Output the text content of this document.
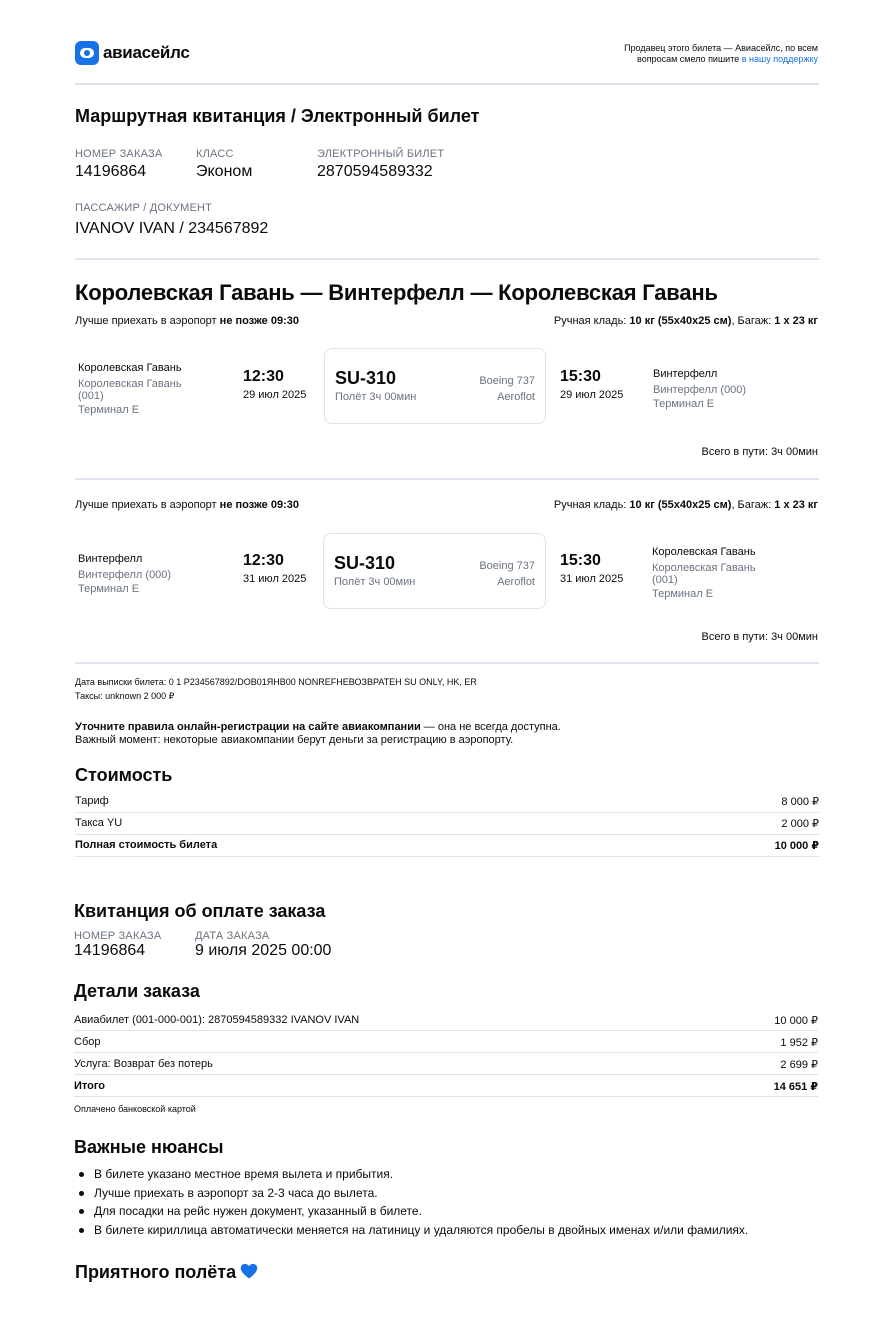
авиасейлс	Продавец этого билета — Авиасейлс, по всем
вопросам смело пишите в нашу поддержку
Маршрутная квитанция / Электронный билет
НОМЕР ЗАКАЗА
14196864
КЛАСС
Эконом
ЭЛЕКТРОННЫЙ БИЛЕТ
2870594589332
ПАССАЖИР / ДОКУМЕНТ
IVANOV IVAN / 234567892
Королевская Гавань — Винтерфелл — Королевская Гавань
Лучше приехать в аэропорт не позже 09:30	Ручная кладь: 10 кг (55x40x25 см), Багаж: 1 x 23 кг
Королевская Гавань
Королевская Гавань
(001)
Терминал E
12:30
29 июл 2025
SU-310
Полёт 3ч 00мин
Boeing 737
Aeroflot
15:30
29 июл 2025
Винтерфелл
Винтерфелл (000)
Терминал E
Всего в пути: 3ч 00мин
Лучше приехать в аэропорт не позже 09:30	Ручная кладь: 10 кг (55x40x25 см), Багаж: 1 x 23 кг
Винтерфелл
Винтерфелл (000)
Терминал E
12:30
31 июл 2025
SU-310
Полёт 3ч 00мин
Boeing 737
Aeroflot
15:30
31 июл 2025
Королевская Гавань
Королевская Гавань
(001)
Терминал E
Всего в пути: 3ч 00мин
Дата выписки билета: 0 1 P234567892/DOB01ЯНВ00 NONREFНЕВОЗВРАТЕН SU ONLY, HK, ER
Таксы: unknown 2 000 ₽
Уточните правила онлайн-регистрации на сайте авиакомпании — она не всегда доступна.
Важный момент: некоторые авиакомпании берут деньги за регистрацию в аэропорту.
Стоимость
Тариф	8 000 ₽
Такса YU	2 000 ₽
Полная стоимость билета	10 000 ₽
Квитанция об оплате заказа
НОМЕР ЗАКАЗА
14196864
ДАТА ЗАКАЗА
9 июля 2025 00:00
Детали заказа
Авиабилет (001-000-001): 2870594589332 IVANOV IVAN	10 000 ₽
Сбор	1 952 ₽
Услуга: Возврат без потерь	2 699 ₽
Итого	14 651 ₽
Оплачено банковской картой
Важные нюансы
В билете указано местное время вылета и прибытия.
Лучше приехать в аэропорт за 2-3 часа до вылета.
Для посадки на рейс нужен документ, указанный в билете.
В билете кириллица автоматически меняется на латиницу и удаляются пробелы в двойных именах и/или фамилиях.
Приятного полёта
